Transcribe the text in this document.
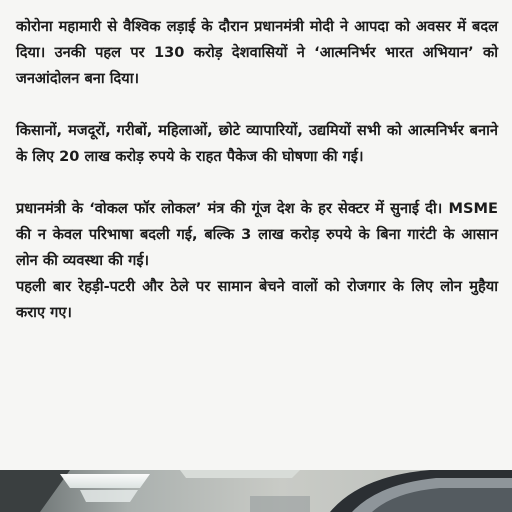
कोरोना महामारी से वैश्विक लड़ाई के दौरान प्रधानमंत्री मोदी ने आपदा को अवसर में बदल दिया। उनकी पहल पर 130 करोड़ देशवासियों ने ‘आत्मनिर्भर भारत अभियान’ को जनआंदोलन बना दिया।

किसानों, मजदूरों, गरीबों, महिलाओं, छोटे व्यापारियों, उद्यमियों सभी को आत्मनिर्भर बनाने के लिए 20 लाख करोड़ रुपये के राहत पैकेज की घोषणा की गई।

प्रधानमंत्री के ‘वोकल फॉर लोकल’ मंत्र की गूंज देश के हर सेक्टर में सुनाई दी। MSME की न केवल परिभाषा बदली गई, बल्कि 3 लाख करोड़ रुपये के बिना गारंटी के आसान लोन की व्यवस्था की गई।

पहली बार रेहड़ी-पटरी और ठेले पर सामान बेचने वालों को रोजगार के लिए लोन मुहैया कराए गए।
